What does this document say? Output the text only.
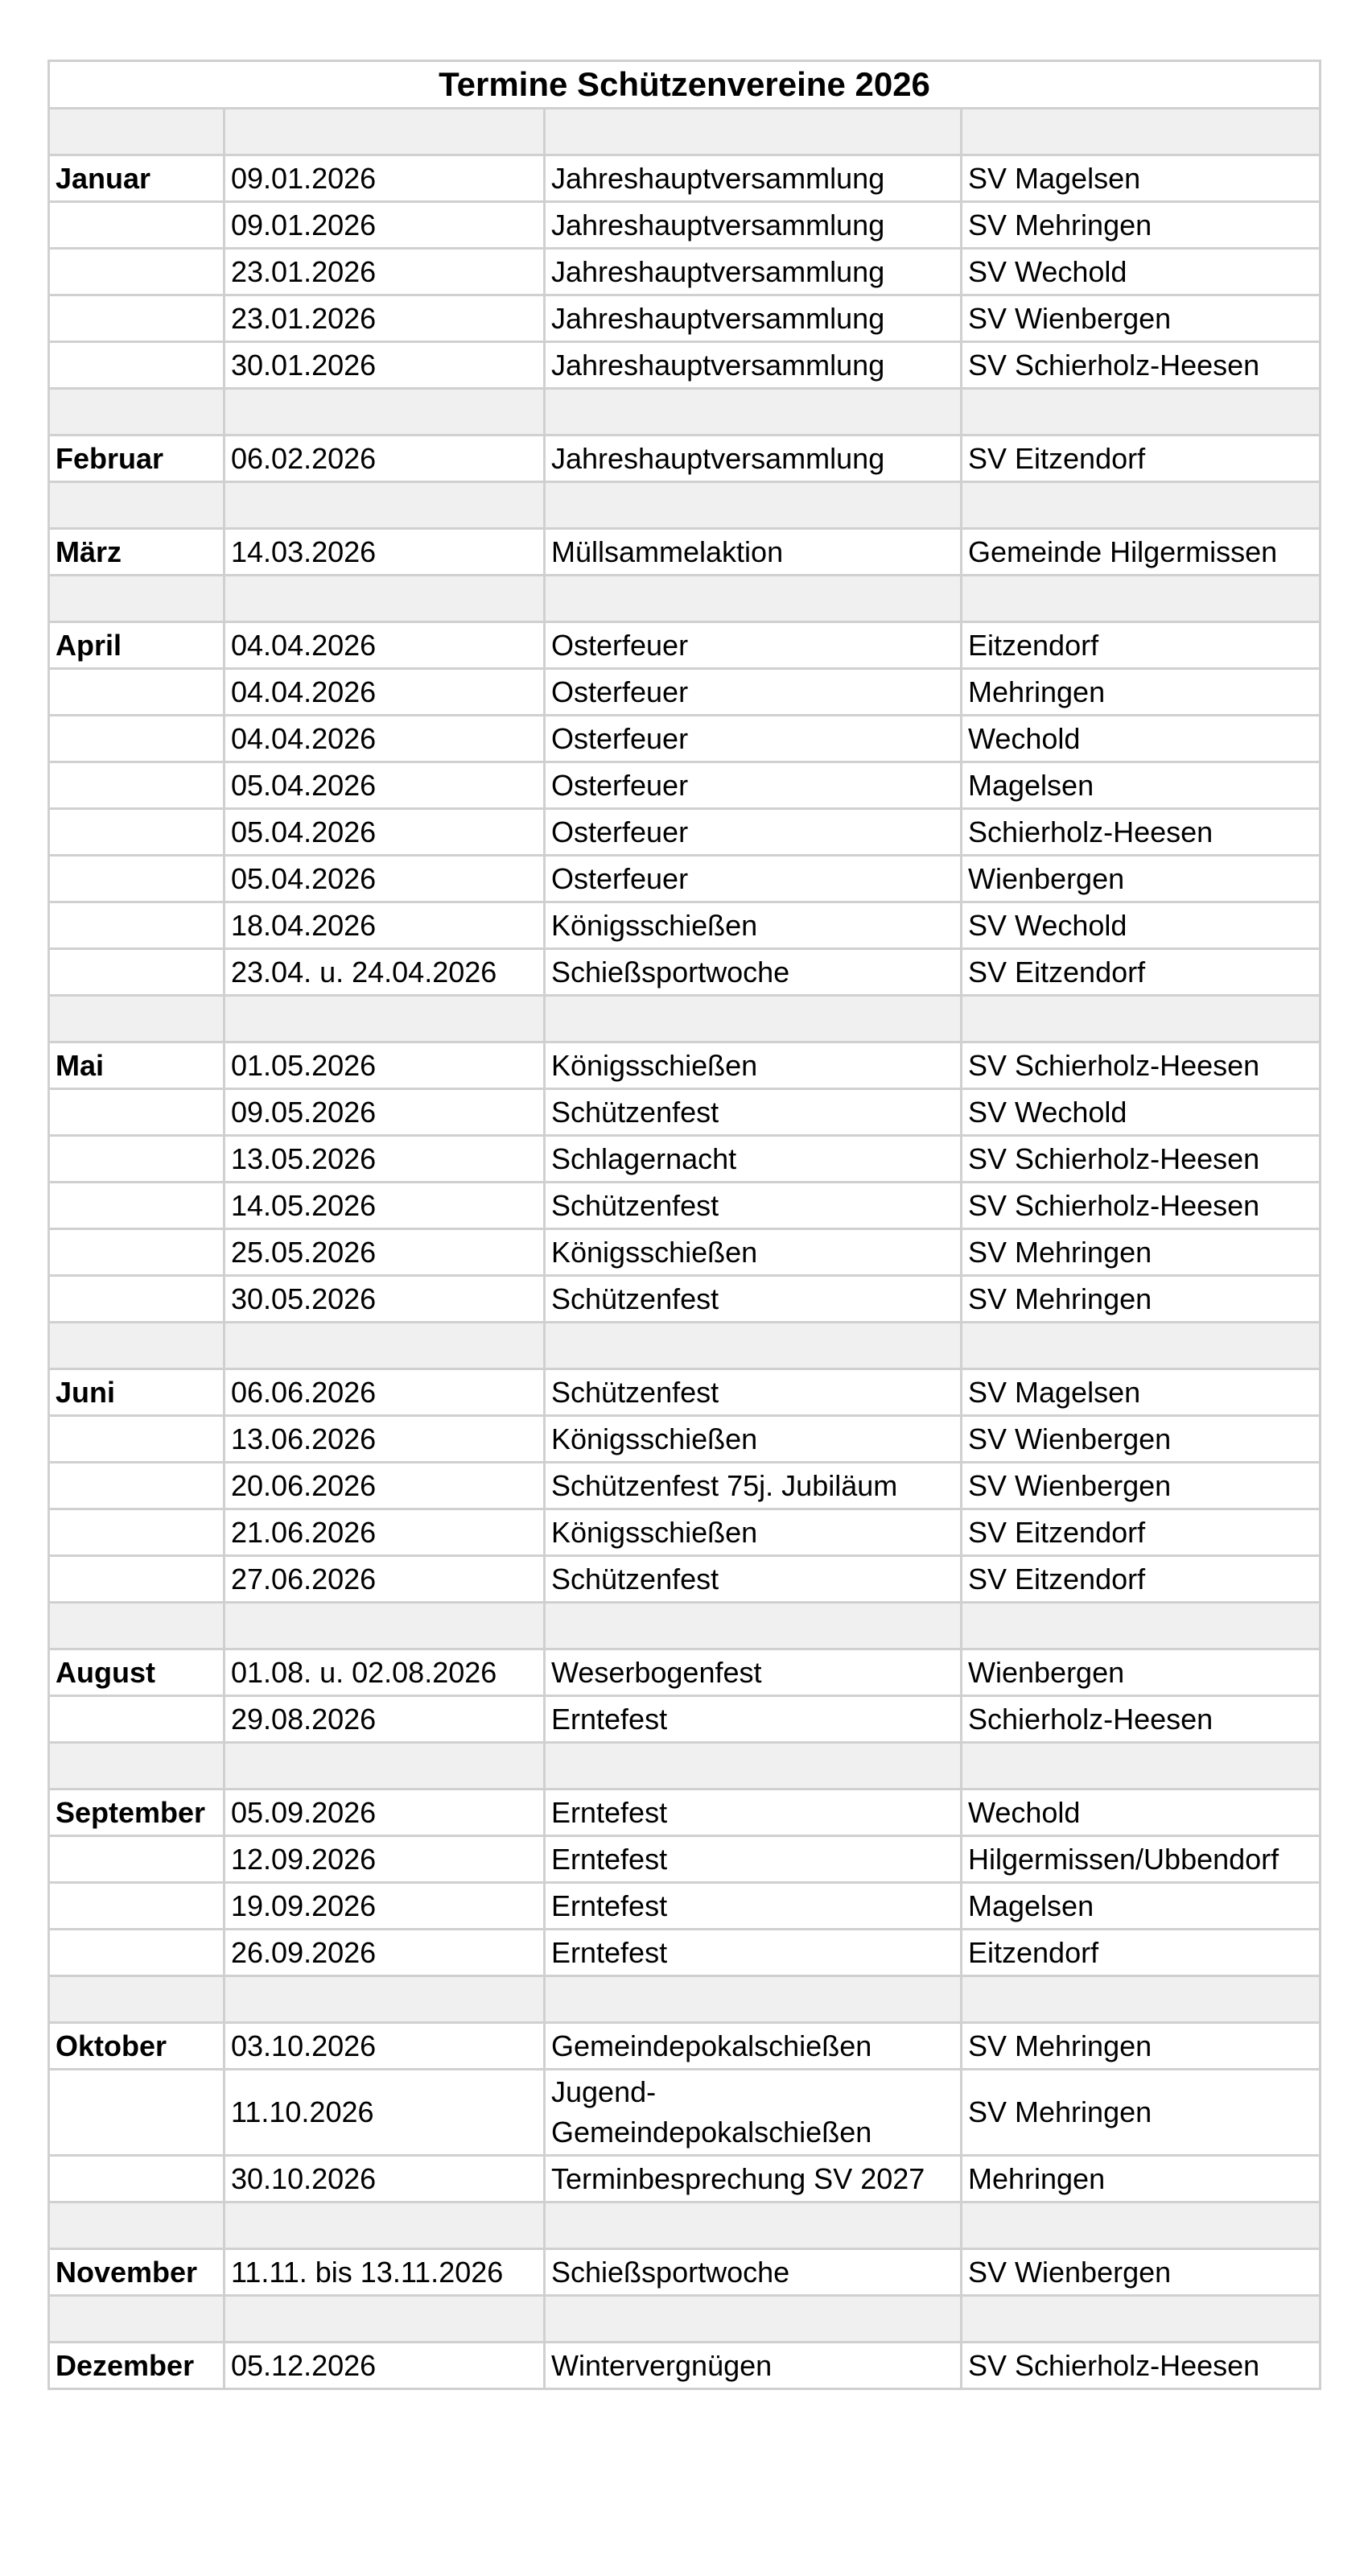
Termine Schützenvereine 2026			

Januar	09.01.2026	Jahreshauptversammlung	SV Magelsen
	09.01.2026	Jahreshauptversammlung	SV Mehringen
	23.01.2026	Jahreshauptversammlung	SV Wechold
	23.01.2026	Jahreshauptversammlung	SV Wienbergen
	30.01.2026	Jahreshauptversammlung	SV Schierholz-Heesen

Februar	06.02.2026	Jahreshauptversammlung	SV Eitzendorf

März	14.03.2026	Müllsammelaktion	Gemeinde Hilgermissen

April	04.04.2026	Osterfeuer	Eitzendorf
	04.04.2026	Osterfeuer	Mehringen
	04.04.2026	Osterfeuer	Wechold
	05.04.2026	Osterfeuer	Magelsen
	05.04.2026	Osterfeuer	Schierholz-Heesen
	05.04.2026	Osterfeuer	Wienbergen
	18.04.2026	Königsschießen	SV Wechold
	23.04. u. 24.04.2026	Schießsportwoche	SV Eitzendorf

Mai	01.05.2026	Königsschießen	SV Schierholz-Heesen
	09.05.2026	Schützenfest	SV Wechold
	13.05.2026	Schlagernacht	SV Schierholz-Heesen
	14.05.2026	Schützenfest	SV Schierholz-Heesen
	25.05.2026	Königsschießen	SV Mehringen
	30.05.2026	Schützenfest	SV Mehringen

Juni	06.06.2026	Schützenfest	SV Magelsen
	13.06.2026	Königsschießen	SV Wienbergen
	20.06.2026	Schützenfest 75j. Jubiläum	SV Wienbergen
	21.06.2026	Königsschießen	SV Eitzendorf
	27.06.2026	Schützenfest	SV Eitzendorf

August	01.08. u. 02.08.2026	Weserbogenfest	Wienbergen
	29.08.2026	Erntefest	Schierholz-Heesen

September	05.09.2026	Erntefest	Wechold
	12.09.2026	Erntefest	Hilgermissen/Ubbendorf
	19.09.2026	Erntefest	Magelsen
	26.09.2026	Erntefest	Eitzendorf

Oktober	03.10.2026	Gemeindepokalschießen	SV Mehringen
	11.10.2026	Jugend-Gemeindepokalschießen	SV Mehringen
	30.10.2026	Terminbesprechung SV 2027	Mehringen

November	11.11. bis 13.11.2026	Schießsportwoche	SV Wienbergen

Dezember	05.12.2026	Wintervergnügen	SV Schierholz-Heesen
